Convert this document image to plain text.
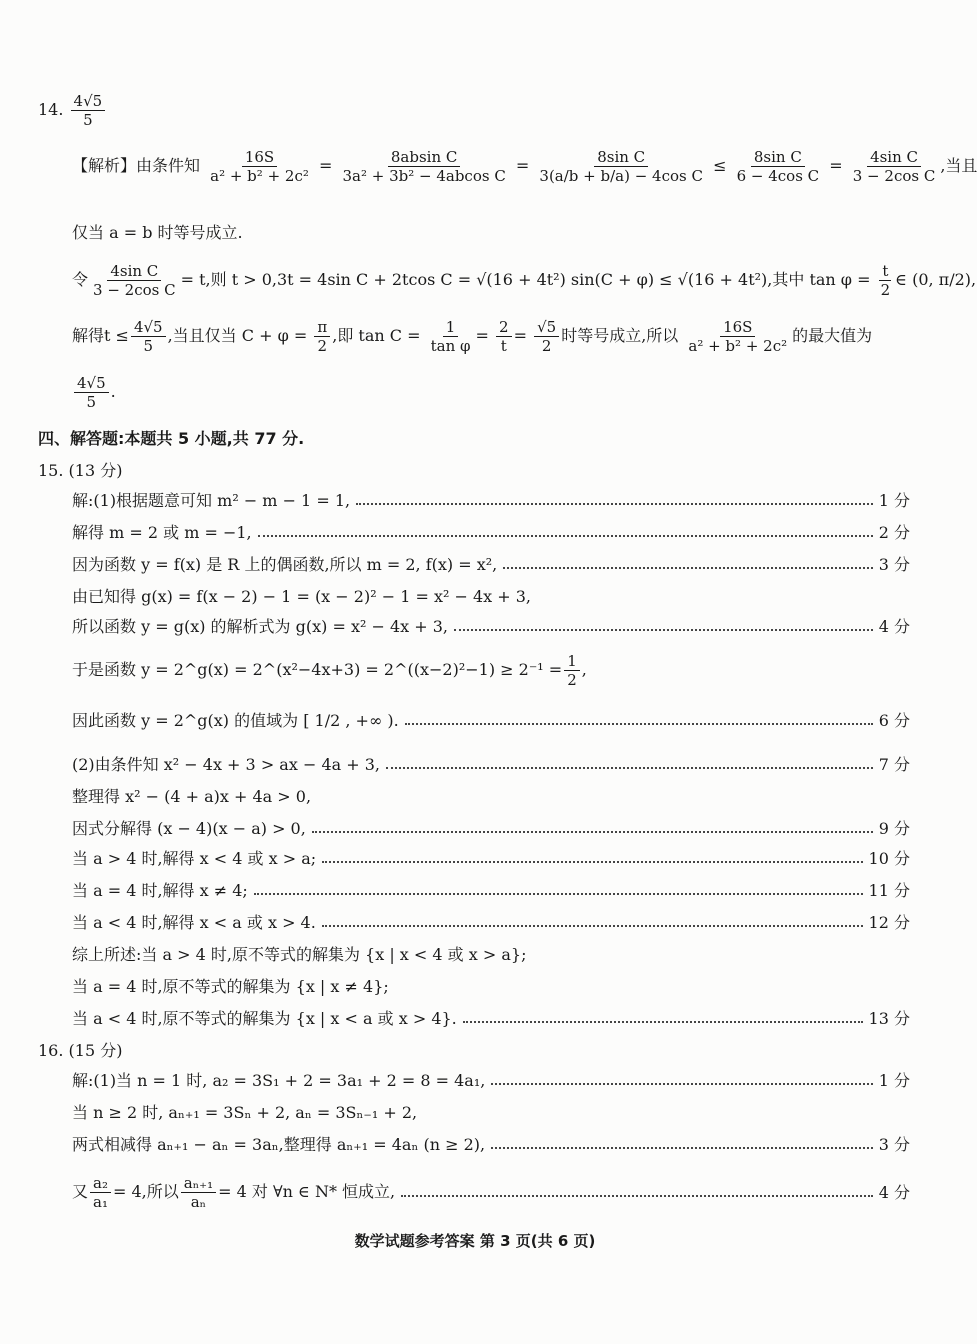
14. $\frac{4√5}{5}$
【解析】由条件知 $\frac{16S}{\text{a² + b² + 2c²}} = \frac{\text{8absin C}}{\text{3a² + 3b² − 4abcos C}} = \frac{\text{8sin C}}{\text{3(a/b + b/a) − 4cos C}} \le \frac{\text{8sin C}}{\text{6 − 4cos C}} = \frac{\text{4sin C}}{\text{3 − 2cos C}}$ ,当且
仅当 a = b 时等号成立.
令 $\frac{\text{4sin C}}{\text{3 − 2cos C}} = t$,则 t > 0,3t = 4sin C + 2tcos C = √(16 + 4t²) sin(C + φ) ≤ √(16 + 4t²),其中 $\tan \varphi = \frac{t}{2}$ ∈ (0, π/2),
解得$t \le \frac{4√5}{5}$ ,当且仅当 $C + \varphi = \frac{\pi}{2}$ ,即 $\tan C = \frac{1}{\text{tan φ}} = \frac{2}{t} = \frac{√5}{2}$ 时等号成立,所以 $\frac{16S}{\text{a² + b² + 2c²}}$ 的最大值为
$\frac{4√5}{5}$ .
四、解答题:本题共 5 小题,共 77 分.
15. (13 分)
解:(1)根据题意可知 m² − m − 1 = 1,	1 分
解得 m = 2 或 m = −1,	2 分
因为函数 y = f(x) 是 R 上的偶函数,所以 m = 2, f(x) = x²,	3 分
由已知得 g(x) = f(x − 2) − 1 = (x − 2)² − 1 = x² − 4x + 3,
所以函数 y = g(x) 的解析式为 g(x) = x² − 4x + 3,	4 分
于是函数 y = 2^g(x) = 2^(x²−4x+3) = 2^((x−2)²−1) ≥ $2^{-1} = \frac{1}{2}$ ,
因此函数 y = 2^g(x) 的值域为 [ 1/2 , +∞ ).	6 分
(2)由条件知 x² − 4x + 3 > ax − 4a + 3,	7 分
整理得 x² − (4 + a)x + 4a > 0,
因式分解得 (x − 4)(x − a) > 0,	9 分
当 a > 4 时,解得 x < 4 或 x > a;	10 分
当 a = 4 时,解得 x ≠ 4;	11 分
当 a < 4 时,解得 x < a 或 x > 4.	12 分
综上所述:当 a > 4 时,原不等式的解集为 {x | x < 4 或 x > a};
当 a = 4 时,原不等式的解集为 {x | x ≠ 4};
当 a < 4 时,原不等式的解集为 {x | x < a 或 x > 4}.	13 分
16. (15 分)
解:(1)当 n = 1 时, a₂ = 3S₁ + 2 = 3a₁ + 2 = 8 = 4a₁,	1 分
当 n ≥ 2 时, aₙ₊₁ = 3Sₙ + 2, aₙ = 3Sₙ₋₁ + 2,
两式相减得 aₙ₊₁ − aₙ = 3aₙ,整理得 aₙ₊₁ = 4aₙ (n ≥ 2),	3 分
又 $\frac{\text{a₂}}{\text{a₁}} = 4$,所以 $\frac{\text{aₙ₊₁}}{\text{aₙ}} = 4$ 对 ∀n ∈ N* 恒成立,	4 分
数学试题参考答案 第 3 页(共 6 页)
